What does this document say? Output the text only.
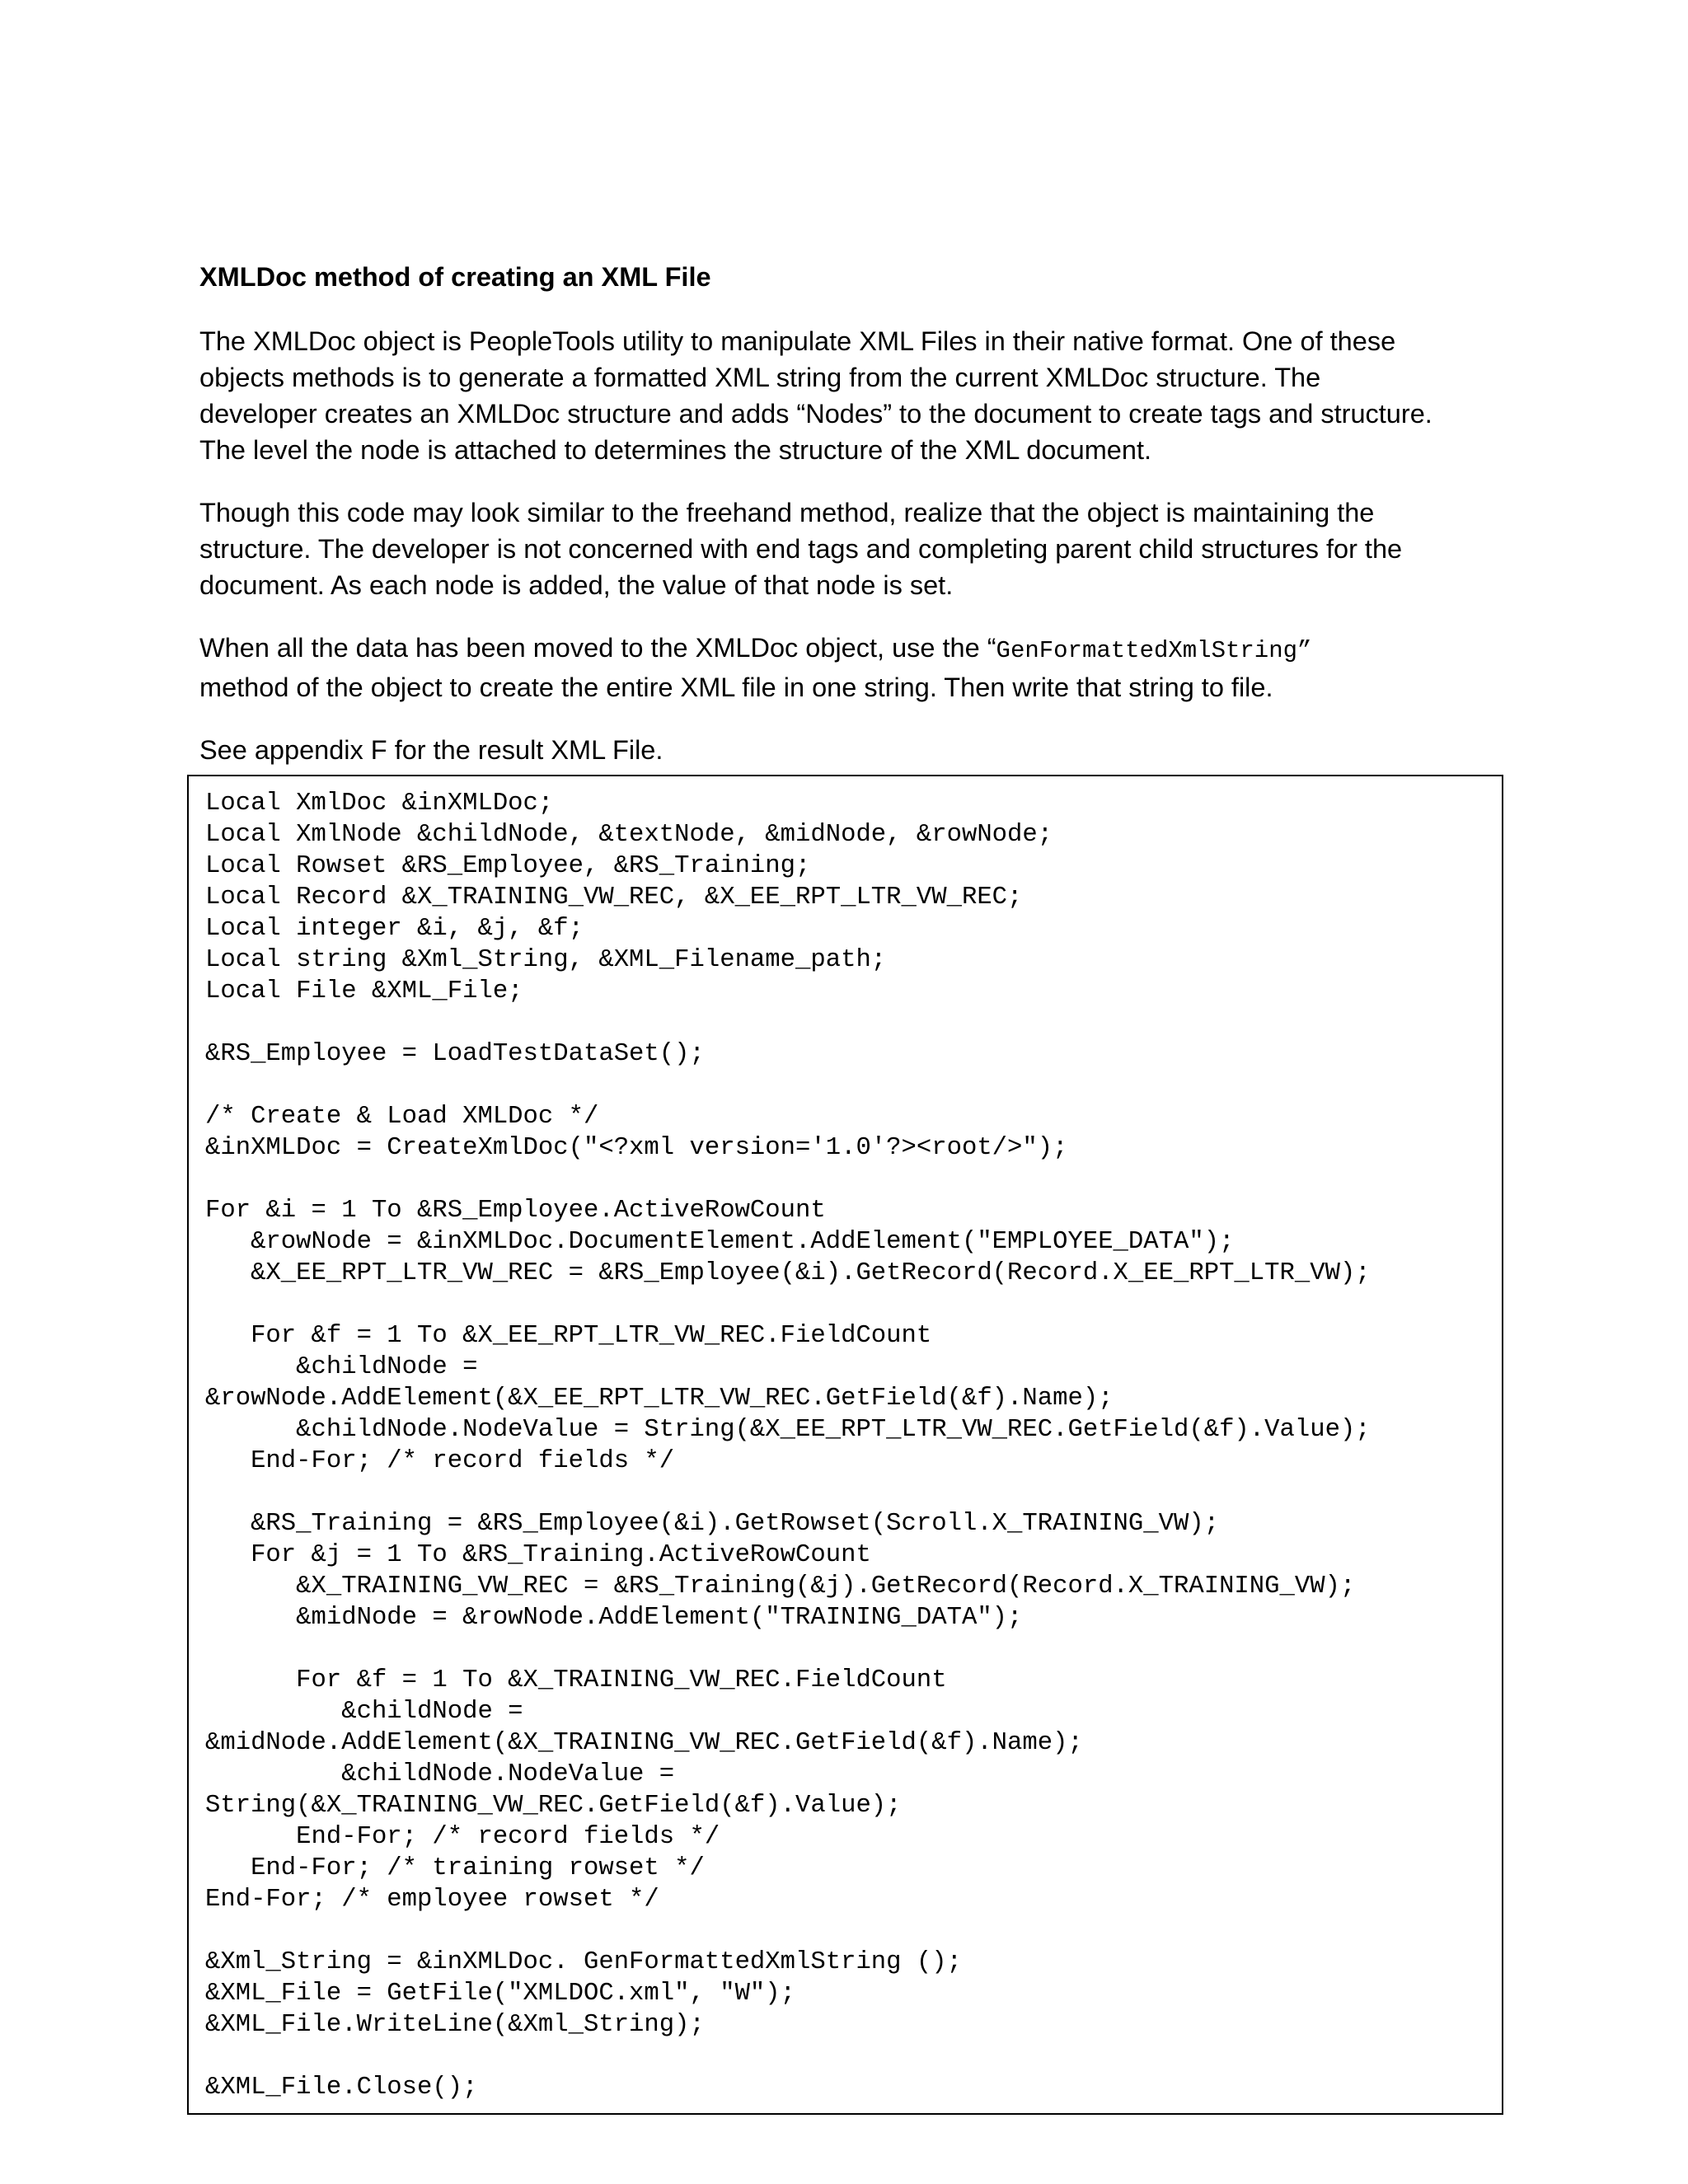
XMLDoc method of creating an XML File
The XMLDoc object is PeopleTools utility to manipulate XML Files in their native format. One of these
objects methods is to generate a formatted XML string from the current XMLDoc structure. The
developer creates an XMLDoc structure and adds “Nodes” to the document to create tags and structure.
The level the node is attached to determines the structure of the XML document.
Though this code may look similar to the freehand method, realize that the object is maintaining the
structure. The developer is not concerned with end tags and completing parent child structures for the
document. As each node is added, the value of that node is set.
When all the data has been moved to the XMLDoc object, use the “GenFormattedXmlString”
method of the object to create the entire XML file in one string. Then write that string to file.
See appendix F for the result XML File.
Local XmlDoc &inXMLDoc;
Local XmlNode &childNode, &textNode, &midNode, &rowNode;
Local Rowset &RS_Employee, &RS_Training;
Local Record &X_TRAINING_VW_REC, &X_EE_RPT_LTR_VW_REC;
Local integer &i, &j, &f;
Local string &Xml_String, &XML_Filename_path;
Local File &XML_File;
&RS_Employee = LoadTestDataSet();
/* Create & Load XMLDoc */
&inXMLDoc = CreateXmlDoc("<?xml version='1.0'?><root/>");
For &i = 1 To &RS_Employee.ActiveRowCount
&rowNode = &inXMLDoc.DocumentElement.AddElement("EMPLOYEE_DATA");
&X_EE_RPT_LTR_VW_REC = &RS_Employee(&i).GetRecord(Record.X_EE_RPT_LTR_VW);
For &f = 1 To &X_EE_RPT_LTR_VW_REC.FieldCount
&childNode =
&rowNode.AddElement(&X_EE_RPT_LTR_VW_REC.GetField(&f).Name);
&childNode.NodeValue = String(&X_EE_RPT_LTR_VW_REC.GetField(&f).Value);
End-For; /* record fields */
&RS_Training = &RS_Employee(&i).GetRowset(Scroll.X_TRAINING_VW);
For &j = 1 To &RS_Training.ActiveRowCount
&X_TRAINING_VW_REC = &RS_Training(&j).GetRecord(Record.X_TRAINING_VW);
&midNode = &rowNode.AddElement("TRAINING_DATA");
For &f = 1 To &X_TRAINING_VW_REC.FieldCount
&childNode =
&midNode.AddElement(&X_TRAINING_VW_REC.GetField(&f).Name);
&childNode.NodeValue =
String(&X_TRAINING_VW_REC.GetField(&f).Value);
End-For; /* record fields */
End-For; /* training rowset */
End-For; /* employee rowset */
&Xml_String = &inXMLDoc. GenFormattedXmlString ();
&XML_File = GetFile("XMLDOC.xml", "W");
&XML_File.WriteLine(&Xml_String);
&XML_File.Close();
